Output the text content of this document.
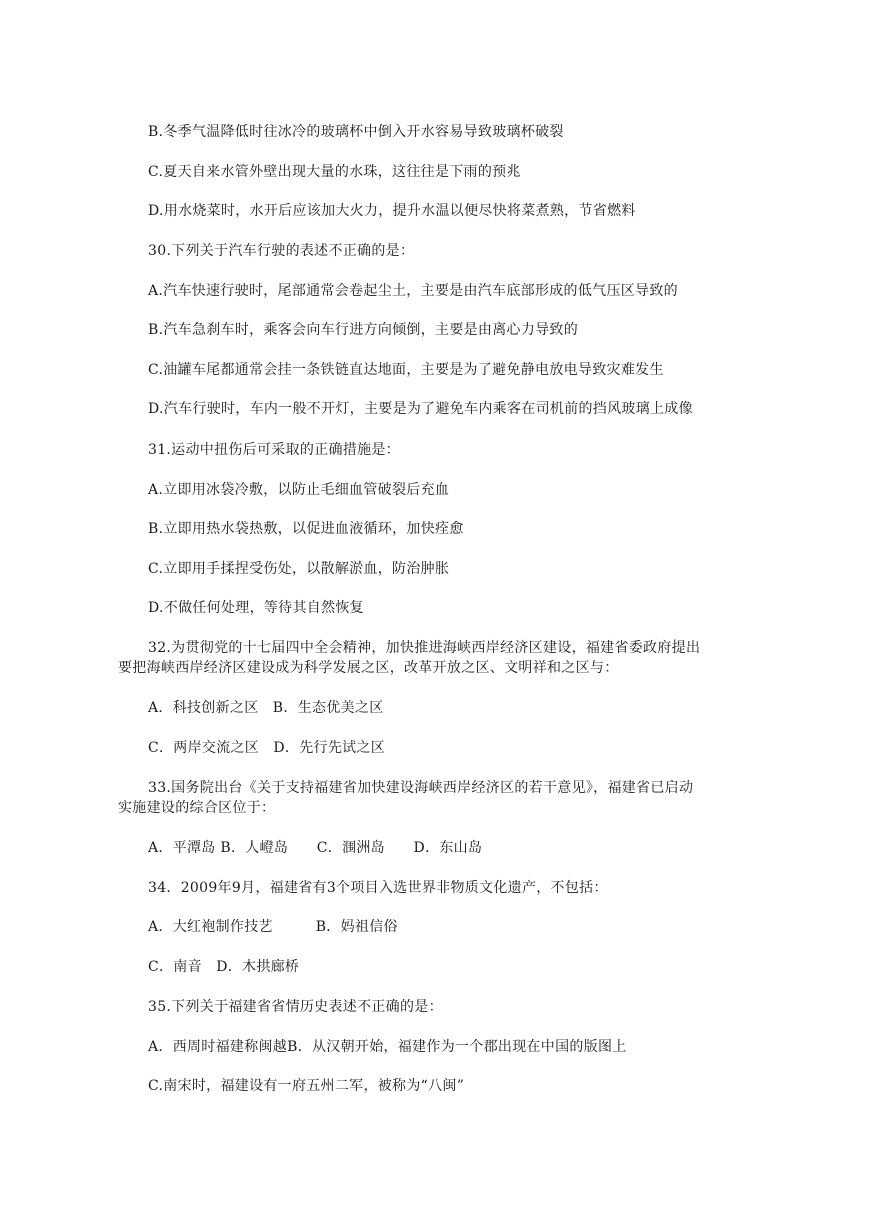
B.冬季气温降低时往冰冷的玻璃杯中倒入开水容易导致玻璃杯破裂
C.夏天自来水管外壁出现大量的水珠，这往往是下雨的预兆
D.用水烧菜时，水开后应该加大火力，提升水温以便尽快将菜煮熟，节省燃料
30.下列关于汽车行驶的表述不正确的是：
A.汽车快速行驶时，尾部通常会卷起尘土，主要是由汽车底部形成的低气压区导致的
B.汽车急刹车时，乘客会向车行进方向倾倒，主要是由离心力导致的
C.油罐车尾都通常会挂一条铁链直达地面，主要是为了避免静电放电导致灾难发生
D.汽车行驶时，车内一般不开灯，主要是为了避免车内乘客在司机前的挡风玻璃上成像
31.运动中扭伤后可采取的正确措施是：
A.立即用冰袋冷敷，以防止毛细血管破裂后充血
B.立即用热水袋热敷，以促进血液循环，加快痊愈
C.立即用手揉捏受伤处，以散解淤血，防治肿胀
D.不做任何处理，等待其自然恢复
32.为贯彻党的十七届四中全会精神，加快推进海峡西岸经济区建设，福建省委政府提出
要把海峡西岸经济区建设成为科学发展之区，改革开放之区、文明祥和之区与：
A．科技创新之区　B．生态优美之区
C．两岸交流之区　D．先行先试之区
33.国务院出台《关于支持福建省加快建设海峡西岸经济区的若干意见》，福建省已启动
实施建设的综合区位于：
A．平潭岛 B．人嶝岛　　C．涠洲岛　　D．东山岛
34．2009年9月，福建省有3个项目入选世界非物质文化遗产，不包括：
A．大红袍制作技艺　　　B．妈祖信俗
C．南音　D．木拱廊桥
35.下列关于福建省省情历史表述不正确的是：
A．西周时福建称闽越B．从汉朝开始，福建作为一个郡出现在中国的版图上
C.南宋时，福建设有一府五州二军，被称为“八闽”
